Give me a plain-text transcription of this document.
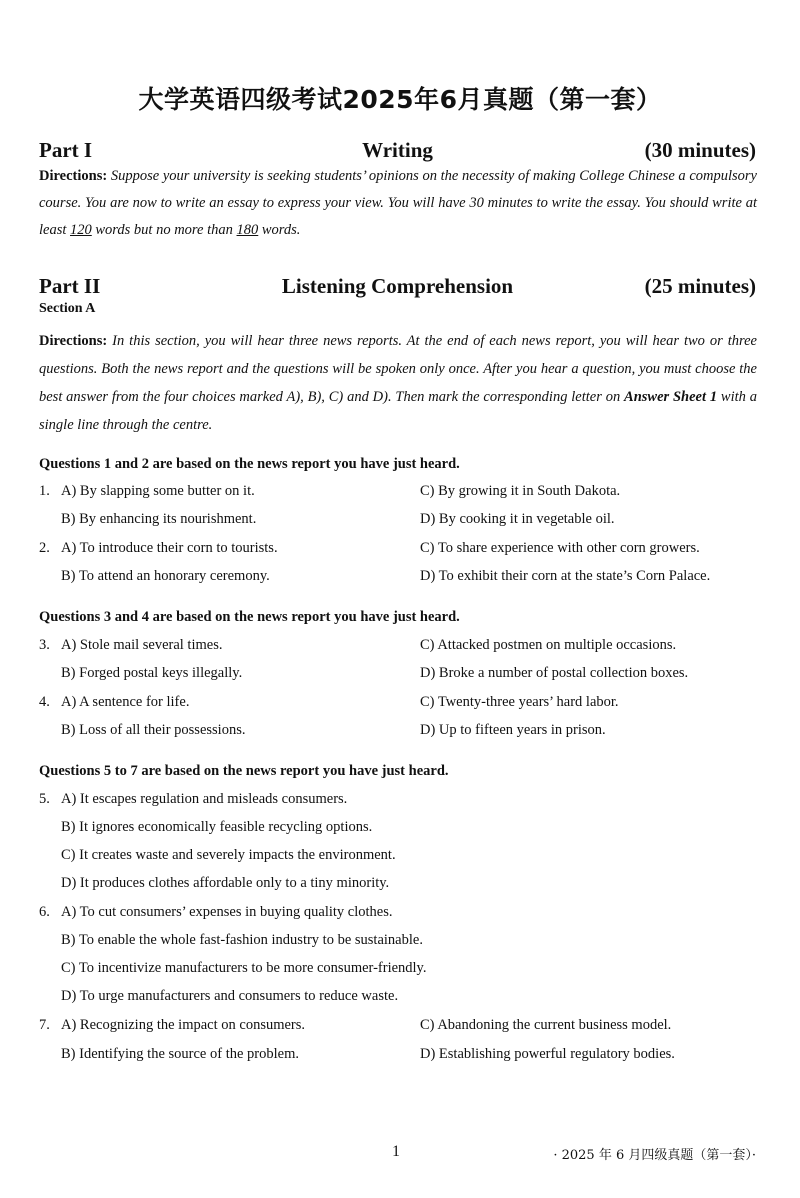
大学英语四级考试2025年6月真题（第一套）
Part I	Writing	(30 minutes)
Directions: Suppose your university is seeking students’ opinions on the necessity of making College Chinese a compulsory course. You are now to write an essay to express your view. You will have 30 minutes to write the essay. You should write at least 120 words but no more than 180 words.
Part II	Listening Comprehension	(25 minutes)
Section A
Directions: In this section, you will hear three news reports. At the end of each news report, you will hear two or three questions. Both the news report and the questions will be spoken only once. After you hear a question, you must choose the best answer from the four choices marked A), B), C) and D). Then mark the corresponding letter on Answer Sheet 1 with a single line through the centre.
Questions 1 and 2 are based on the news report you have just heard.
1. A) By slapping some butter on it.	C) By growing it in South Dakota.
B) By enhancing its nourishment.	D) By cooking it in vegetable oil.
2. A) To introduce their corn to tourists.	C) To share experience with other corn growers.
B) To attend an honorary ceremony.	D) To exhibit their corn at the state’s Corn Palace.
Questions 3 and 4 are based on the news report you have just heard.
3. A) Stole mail several times.	C) Attacked postmen on multiple occasions.
B) Forged postal keys illegally.	D) Broke a number of postal collection boxes.
4. A) A sentence for life.	C) Twenty-three years’ hard labor.
B) Loss of all their possessions.	D) Up to fifteen years in prison.
Questions 5 to 7 are based on the news report you have just heard.
5. A) It escapes regulation and misleads consumers.
B) It ignores economically feasible recycling options.
C) It creates waste and severely impacts the environment.
D) It produces clothes affordable only to a tiny minority.
6. A) To cut consumers’ expenses in buying quality clothes.
B) To enable the whole fast-fashion industry to be sustainable.
C) To incentivize manufacturers to be more consumer-friendly.
D) To urge manufacturers and consumers to reduce waste.
7. A) Recognizing the impact on consumers.	C) Abandoning the current business model.
B) Identifying the source of the problem.	D) Establishing powerful regulatory bodies.
1	· 2025 年 6 月四级真题（第一套）·
